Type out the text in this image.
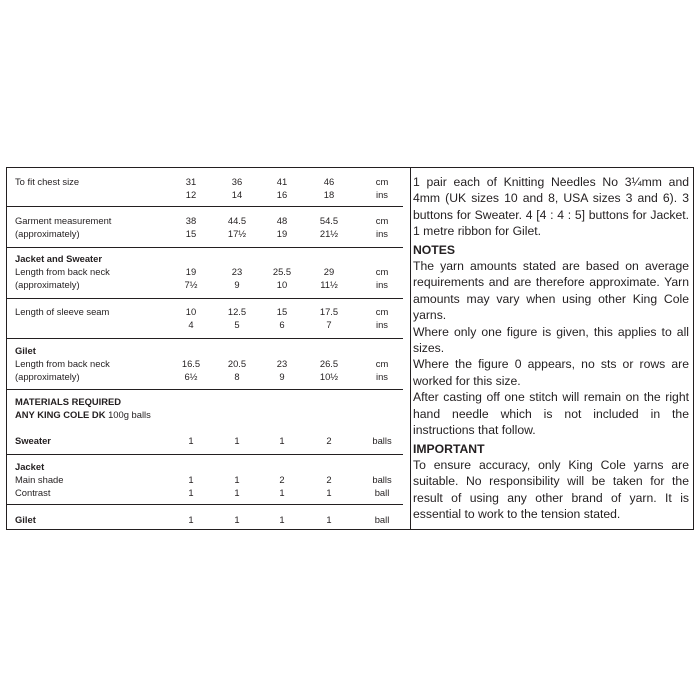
To fit chest size	31	36	41	46	cm
12	14	16	18	ins
Garment measurement
(approximately)
38	44.5	48	54.5	cm
15	17½	19	21½	ins
Jacket and Sweater
Length from back neck
(approximately)
19	23	25.5	29	cm
7½	9	10	11½	ins
Length of sleeve seam	10	12.5	15	17.5	cm
4	5	6	7	ins
Gilet
Length from back neck
(approximately)
16.5	20.5	23	26.5	cm
6½	8	9	10½	ins
MATERIALS REQUIRED
ANY KING COLE DK 100g balls
Sweater	1	1	1	2	balls
Jacket
Main shade	1	1	2	2	balls
Contrast	1	1	1	1	ball
Gilet	1	1	1	1	ball

1 pair each of Knitting Needles No 3¼mm and 4mm (UK sizes 10 and 8, USA sizes 3 and 6). 3 buttons for Sweater. 4 [4 : 4 : 5] buttons for Jacket. 1 metre ribbon for Gilet.

NOTES

The yarn amounts stated are based on average requirements and are therefore approximate. Yarn amounts may vary when using other King Cole yarns.

Where only one figure is given, this applies to all sizes.

Where the figure 0 appears, no sts or rows are worked for this size.

After casting off one stitch will remain on the right hand needle which is not included in the instructions that follow.

IMPORTANT

To ensure accuracy, only King Cole yarns are suitable. No responsibility will be taken for the result of using any other brand of yarn. It is essential to work to the tension stated.
